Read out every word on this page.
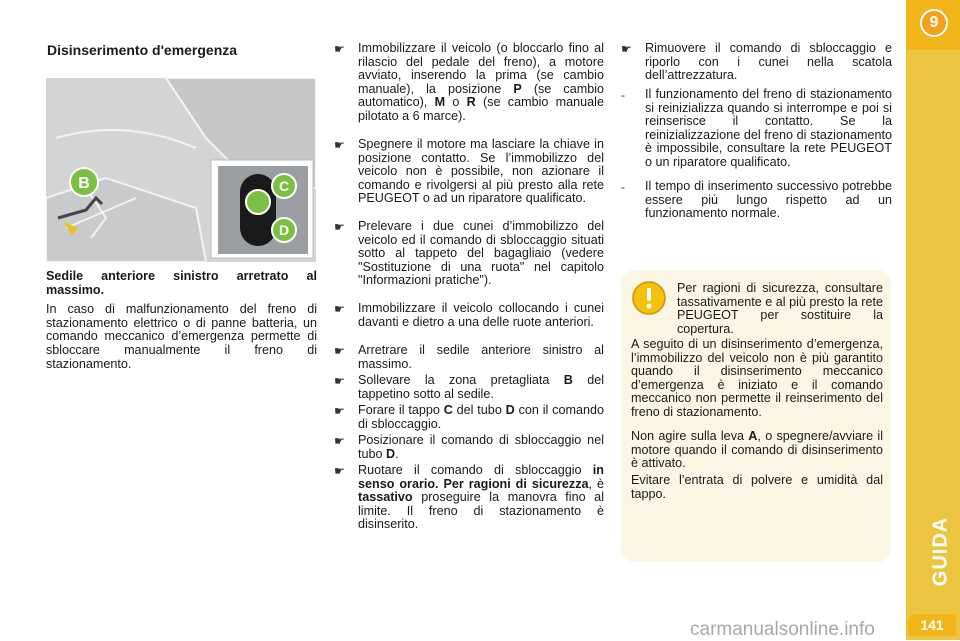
Disinserimento d'emergenza
B	C
D

Sedile anteriore sinistro arretrato al massimo.

In caso di malfunzionamento del freno di stazionamento elettrico o di panne batteria, un comando meccanico d’emergenza permette di sbloccare manualmente il freno di stazionamento.

☛ Immobilizzare il veicolo (o bloccarlo fino al rilascio del pedale del freno), a motore avviato, inserendo la prima (se cambio manuale), la posizione P (se cambio automatico), M o R (se cambio manuale pilotato a 6 marce).

☛ Spegnere il motore ma lasciare la chiave in posizione contatto. Se l’immobilizzo del veicolo non è possibile, non azionare il comando e rivolgersi al più presto alla rete PEUGEOT o ad un riparatore qualificato.

☛ Prelevare i due cunei d’immobilizzo del veicolo ed il comando di sbloccaggio situati sotto al tappeto del bagagliaio (vedere "Sostituzione di una ruota" nel capitolo "Informazioni pratiche").

☛ Immobilizzare il veicolo collocando i cunei davanti e dietro a una delle ruote anteriori.

☛ Arretrare il sedile anteriore sinistro al massimo.

☛ Sollevare la zona pretagliata B del tappetino sotto al sedile.

☛ Forare il tappo C del tubo D con il comando di sbloccaggio.

☛ Posizionare il comando di sbloccaggio nel tubo D.

☛ Ruotare il comando di sbloccaggio in senso orario. Per ragioni di sicurezza, è tassativo proseguire la manovra fino al limite. Il freno di stazionamento è disinserito.

☛ Rimuovere il comando di sbloccaggio e riporlo con i cunei nella scatola dell’attrezzatura.

- Il funzionamento del freno di stazionamento si reinizializza quando si interrompe e poi si reinserisce il contatto. Se la reinizializzazione del freno di stazionamento è impossibile, consultare la rete PEUGEOT o un riparatore qualificato.

- Il tempo di inserimento successivo potrebbe essere più lungo rispetto ad un funzionamento normale.

Per ragioni di sicurezza, consultare tassativamente e al più presto la rete PEUGEOT per sostituire la copertura.

A seguito di un disinserimento d’emergenza, l’immobilizzo del veicolo non è più garantito quando il disinserimento meccanico d’emergenza è iniziato e il comando meccanico non permette il reinserimento del freno di stazionamento.

Non agire sulla leva A, o spegnere/avviare il motore quando il comando di disinserimento è attivato.

Evitare l’entrata di polvere e umidità dal tappo.

9
GUIDA
141
carmanualsonline.info
